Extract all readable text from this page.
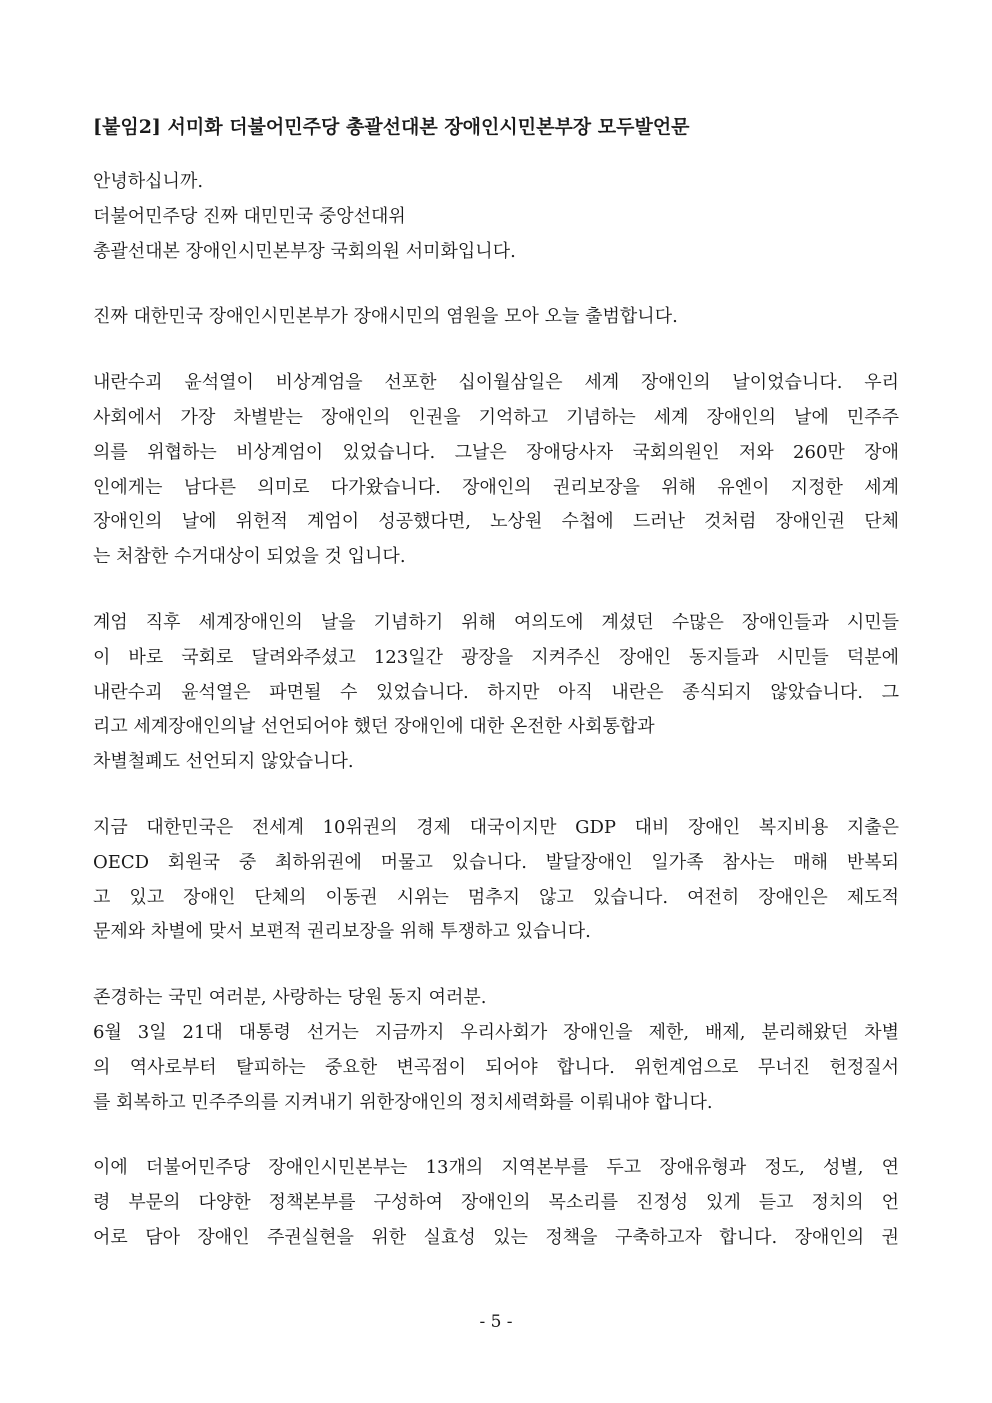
[붙임2] 서미화 더불어민주당 총괄선대본 장애인시민본부장 모두발언문
안녕하십니까.
더불어민주당 진짜 대민민국 중앙선대위
총괄선대본 장애인시민본부장 국회의원 서미화입니다.
진짜 대한민국 장애인시민본부가 장애시민의 염원을 모아 오늘 출범합니다.
내란수괴 윤석열이 비상계엄을 선포한 십이월삼일은 세계 장애인의 날이었습니다. 우리
사회에서 가장 차별받는 장애인의 인권을 기억하고 기념하는 세계 장애인의 날에 민주주
의를 위협하는 비상계엄이 있었습니다. 그날은 장애당사자 국회의원인 저와 260만 장애
인에게는 남다른 의미로 다가왔습니다. 장애인의 권리보장을 위해 유엔이 지정한 세계
장애인의 날에 위헌적 계엄이 성공했다면, 노상원 수첩에 드러난 것처럼 장애인권 단체
는 처참한 수거대상이 되었을 것 입니다.
계엄 직후 세계장애인의 날을 기념하기 위해 여의도에 계셨던 수많은 장애인들과 시민들
이 바로 국회로 달려와주셨고 123일간 광장을 지켜주신 장애인 동지들과 시민들 덕분에
내란수괴 윤석열은 파면될 수 있었습니다. 하지만 아직 내란은 종식되지 않았습니다. 그
리고 세계장애인의날 선언되어야 했던 장애인에 대한 온전한 사회통합과
차별철폐도 선언되지 않았습니다.
지금 대한민국은 전세계 10위권의 경제 대국이지만 GDP 대비 장애인 복지비용 지출은
OECD 회원국 중 최하위권에 머물고 있습니다. 발달장애인 일가족 참사는 매해 반복되
고 있고 장애인 단체의 이동권 시위는 멈추지 않고 있습니다. 여전히 장애인은 제도적
문제와 차별에 맞서 보편적 권리보장을 위해 투쟁하고 있습니다.
존경하는 국민 여러분, 사랑하는 당원 동지 여러분.
6월 3일 21대 대통령 선거는 지금까지 우리사회가 장애인을 제한, 배제, 분리해왔던 차별
의 역사로부터 탈피하는 중요한 변곡점이 되어야 합니다. 위헌계엄으로 무너진 헌정질서
를 회복하고 민주주의를 지켜내기 위한장애인의 정치세력화를 이뤄내야 합니다.
이에 더불어민주당 장애인시민본부는 13개의 지역본부를 두고 장애유형과 정도, 성별, 연
령 부문의 다양한 정책본부를 구성하여 장애인의 목소리를 진정성 있게 듣고 정치의 언
어로 담아 장애인 주권실현을 위한 실효성 있는 정책을 구축하고자 합니다. 장애인의 권
- 5 -
